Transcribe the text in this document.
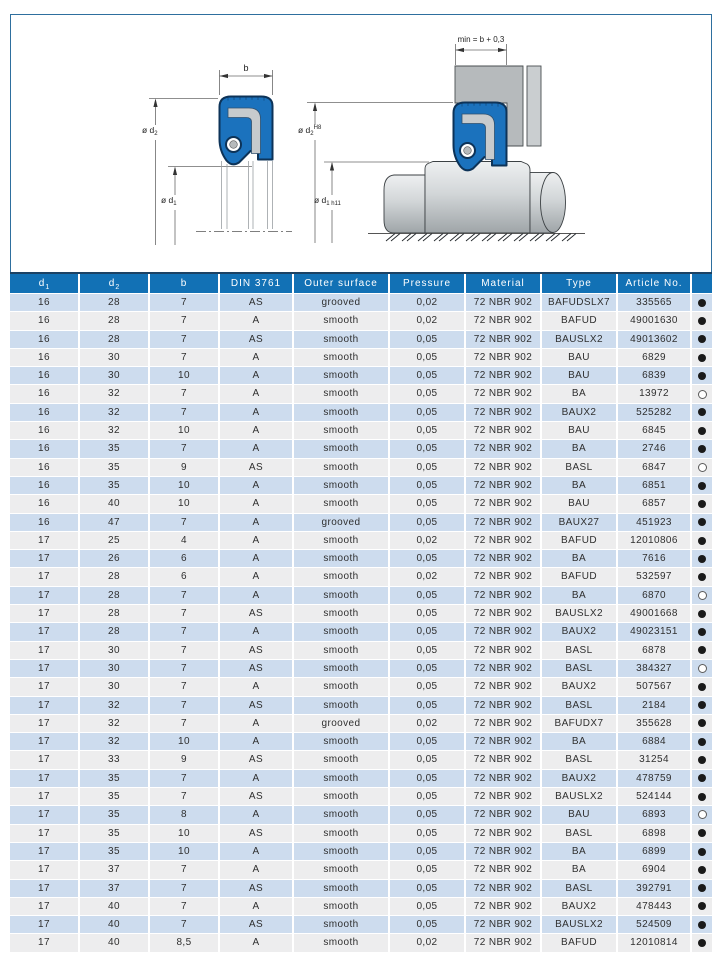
b
ø $d_2$
ø $d_1$
min = b + 0,3
ø $d_2^{H8}$
ø $d_{1 h11}$
$d_1$	$d_2$	b	DIN 3761	Outer surface	Pressure	Material	Type	Article No.
16	28	7	AS	grooved	0,02	72 NBR 902	BAFUDSLX7	335565
16	28	7	A	smooth	0,02	72 NBR 902	BAFUD	49001630
16	28	7	AS	smooth	0,05	72 NBR 902	BAUSLX2	49013602
16	30	7	A	smooth	0,05	72 NBR 902	BAU	6829
16	30	10	A	smooth	0,05	72 NBR 902	BAU	6839
16	32	7	A	smooth	0,05	72 NBR 902	BA	13972
16	32	7	A	smooth	0,05	72 NBR 902	BAUX2	525282
16	32	10	A	smooth	0,05	72 NBR 902	BAU	6845
16	35	7	A	smooth	0,05	72 NBR 902	BA	2746
16	35	9	AS	smooth	0,05	72 NBR 902	BASL	6847
16	35	10	A	smooth	0,05	72 NBR 902	BA	6851
16	40	10	A	smooth	0,05	72 NBR 902	BAU	6857
16	47	7	A	grooved	0,05	72 NBR 902	BAUX27	451923
17	25	4	A	smooth	0,02	72 NBR 902	BAFUD	12010806
17	26	6	A	smooth	0,05	72 NBR 902	BA	7616
17	28	6	A	smooth	0,02	72 NBR 902	BAFUD	532597
17	28	7	A	smooth	0,05	72 NBR 902	BA	6870
17	28	7	AS	smooth	0,05	72 NBR 902	BAUSLX2	49001668
17	28	7	A	smooth	0,05	72 NBR 902	BAUX2	49023151
17	30	7	AS	smooth	0,05	72 NBR 902	BASL	6878
17	30	7	AS	smooth	0,05	72 NBR 902	BASL	384327
17	30	7	A	smooth	0,05	72 NBR 902	BAUX2	507567
17	32	7	AS	smooth	0,05	72 NBR 902	BASL	2184
17	32	7	A	grooved	0,02	72 NBR 902	BAFUDX7	355628
17	32	10	A	smooth	0,05	72 NBR 902	BA	6884
17	33	9	AS	smooth	0,05	72 NBR 902	BASL	31254
17	35	7	A	smooth	0,05	72 NBR 902	BAUX2	478759
17	35	7	AS	smooth	0,05	72 NBR 902	BAUSLX2	524144
17	35	8	A	smooth	0,05	72 NBR 902	BAU	6893
17	35	10	AS	smooth	0,05	72 NBR 902	BASL	6898
17	35	10	A	smooth	0,05	72 NBR 902	BA	6899
17	37	7	A	smooth	0,05	72 NBR 902	BA	6904
17	37	7	AS	smooth	0,05	72 NBR 902	BASL	392791
17	40	7	A	smooth	0,05	72 NBR 902	BAUX2	478443
17	40	7	AS	smooth	0,05	72 NBR 902	BAUSLX2	524509
17	40	8,5	A	smooth	0,02	72 NBR 902	BAFUD	12010814
